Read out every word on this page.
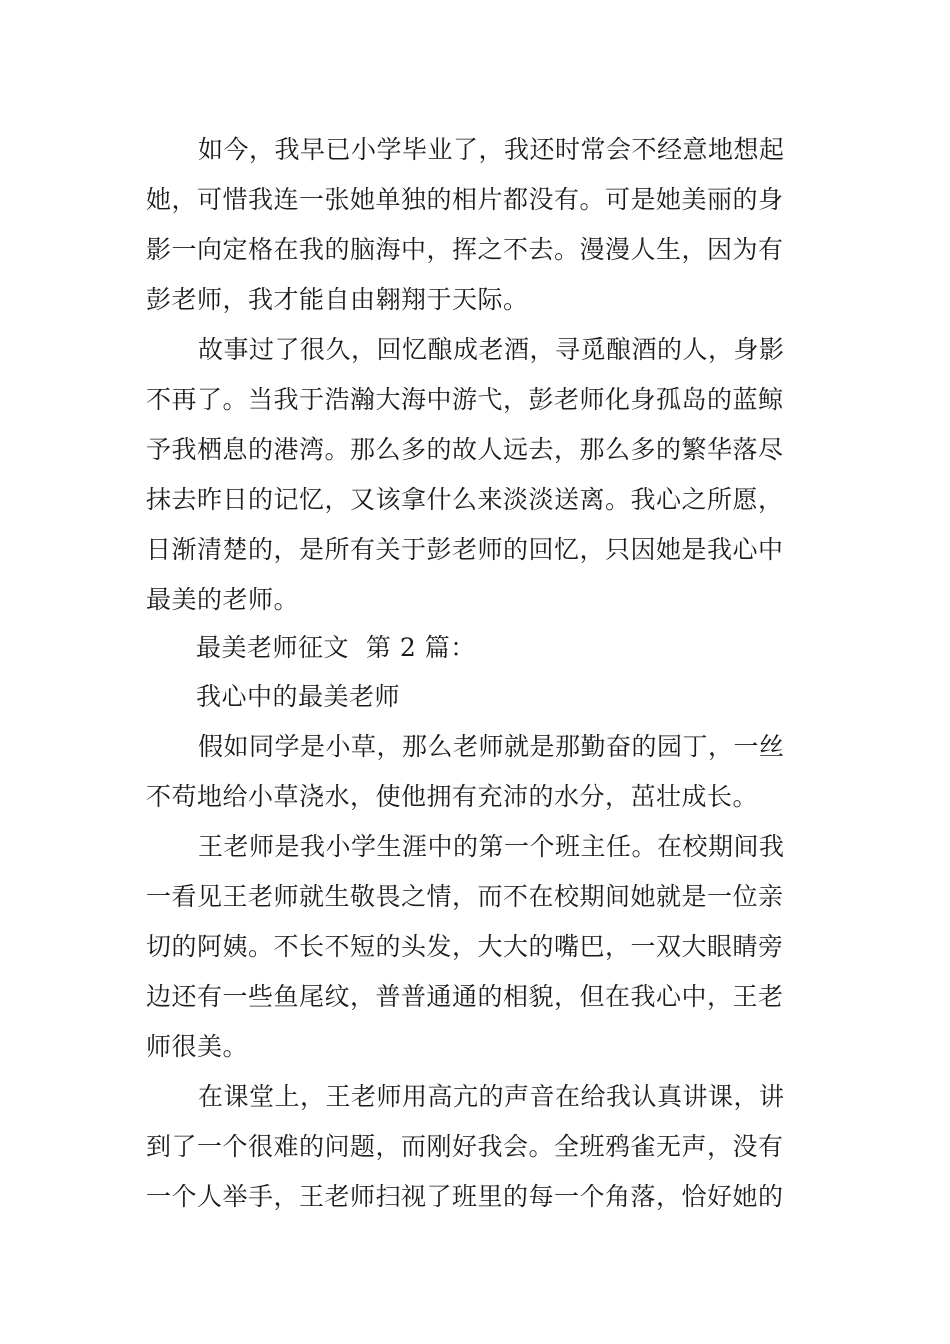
如今，我早已小学毕业了，我还时常会不经意地想起
她，可惜我连一张她单独的相片都没有。可是她美丽的身
影一向定格在我的脑海中，挥之不去。漫漫人生，因为有
彭老师，我才能自由翱翔于天际。
故事过了很久，回忆酿成老酒，寻觅酿酒的人，身影
不再了。当我于浩瀚大海中游弋，彭老师化身孤岛的蓝鲸
予我栖息的港湾。那么多的故人远去，那么多的繁华落尽
抹去昨日的记忆，又该拿什么来淡淡送离。我心之所愿，
日渐清楚的，是所有关于彭老师的回忆，只因她是我心中
最美的老师。
最美老师征文  第 2 篇：
我心中的最美老师
假如同学是小草，那么老师就是那勤奋的园丁，一丝
不苟地给小草浇水，使他拥有充沛的水分，茁壮成长。
王老师是我小学生涯中的第一个班主任。在校期间我
一看见王老师就生敬畏之情，而不在校期间她就是一位亲
切的阿姨。不长不短的头发，大大的嘴巴，一双大眼睛旁
边还有一些鱼尾纹，普普通通的相貌，但在我心中，王老
师很美。
在课堂上，王老师用高亢的声音在给我认真讲课，讲
到了一个很难的问题，而刚好我会。全班鸦雀无声，没有
一个人举手，王老师扫视了班里的每一个角落，恰好她的
